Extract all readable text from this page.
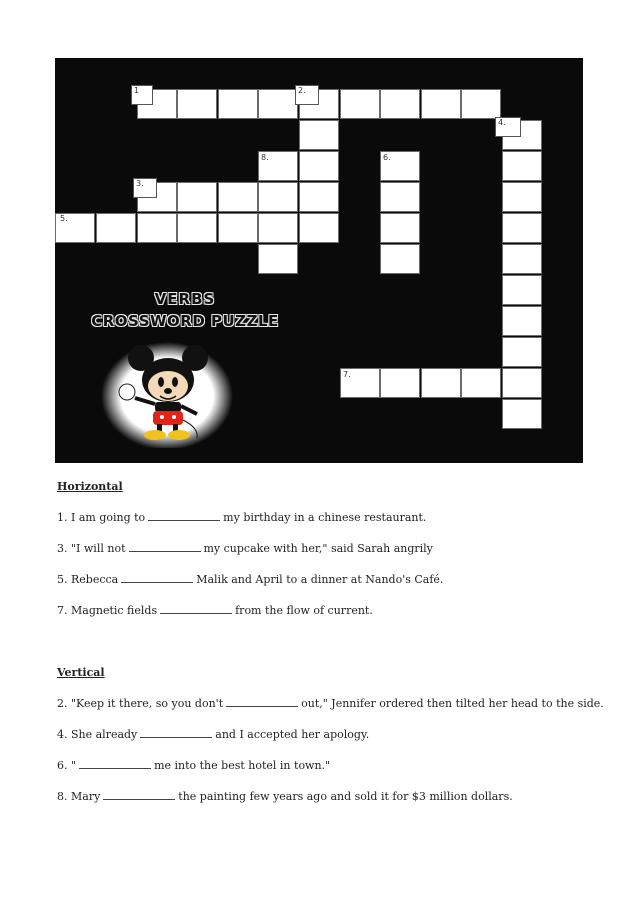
1	2.
8.	6.
4.
3.
5.
7.
VERBS
CROSSWORD PUZZLE
Horizontal
1. I am going to	my birthday in a chinese restaurant.
3. "I will not	my cupcake with her," said Sarah angrily
5. Rebecca	Malik and April to a dinner at Nando's Café.
7. Magnetic fields	from the flow of current.
Vertical
2. "Keep it there, so you don't	out," Jennifer ordered then tilted her head to the side.
4. She already	and I accepted her apology.
6. "	me into the best hotel in town."
8. Mary	the painting few years ago and sold it for $3 million dollars.
